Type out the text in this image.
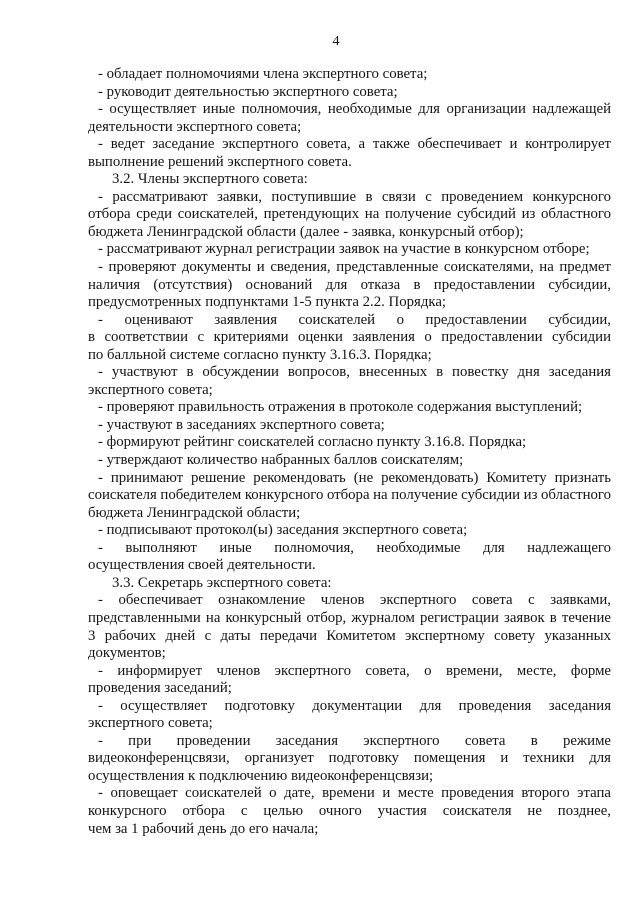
4
- обладает полномочиями члена экспертного совета;
- руководит деятельностью экспертного совета;
- осуществляет иные полномочия, необходимые для организации надлежащей
деятельности экспертного совета;
- ведет заседание экспертного совета, а также обеспечивает и контролирует
выполнение решений экспертного совета.
3.2. Члены экспертного совета:
- рассматривают заявки, поступившие в связи с проведением конкурсного
отбора среди соискателей, претендующих на получение субсидий из областного
бюджета Ленинградской области (далее - заявка, конкурсный отбор);
- рассматривают журнал регистрации заявок на участие в конкурсном отборе;
- проверяют документы и сведения, представленные соискателями, на предмет
наличия (отсутствия) оснований для отказа в предоставлении субсидии,
предусмотренных подпунктами 1-5 пункта 2.2. Порядка;
- оценивают заявления соискателей о предоставлении субсидии,
в соответствии с критериями оценки заявления о предоставлении субсидии
по балльной системе согласно пункту 3.16.3. Порядка;
- участвуют в обсуждении вопросов, внесенных в повестку дня заседания
экспертного совета;
- проверяют правильность отражения в протоколе содержания выступлений;
- участвуют в заседаниях экспертного совета;
- формируют рейтинг соискателей согласно пункту 3.16.8. Порядка;
- утверждают количество набранных баллов соискателям;
- принимают решение рекомендовать (не рекомендовать) Комитету признать
соискателя победителем конкурсного отбора на получение субсидии из областного
бюджета Ленинградской области;
- подписывают протокол(ы) заседания экспертного совета;
- выполняют иные полномочия, необходимые для надлежащего
осуществления своей деятельности.
3.3. Секретарь экспертного совета:
- обеспечивает ознакомление членов экспертного совета с заявками,
представленными на конкурсный отбор, журналом регистрации заявок в течение
3 рабочих дней с даты передачи Комитетом экспертному совету указанных
документов;
- информирует членов экспертного совета, о времени, месте, форме
проведения заседаний;
- осуществляет подготовку документации для проведения заседания
экспертного совета;
- при проведении заседания экспертного совета в режиме
видеоконференцсвязи, организует подготовку помещения и техники для
осуществления к подключению видеоконференцсвязи;
- оповещает соискателей о дате, времени и месте проведения второго этапа
конкурсного отбора с целью очного участия соискателя не позднее,
чем за 1 рабочий день до его начала;
